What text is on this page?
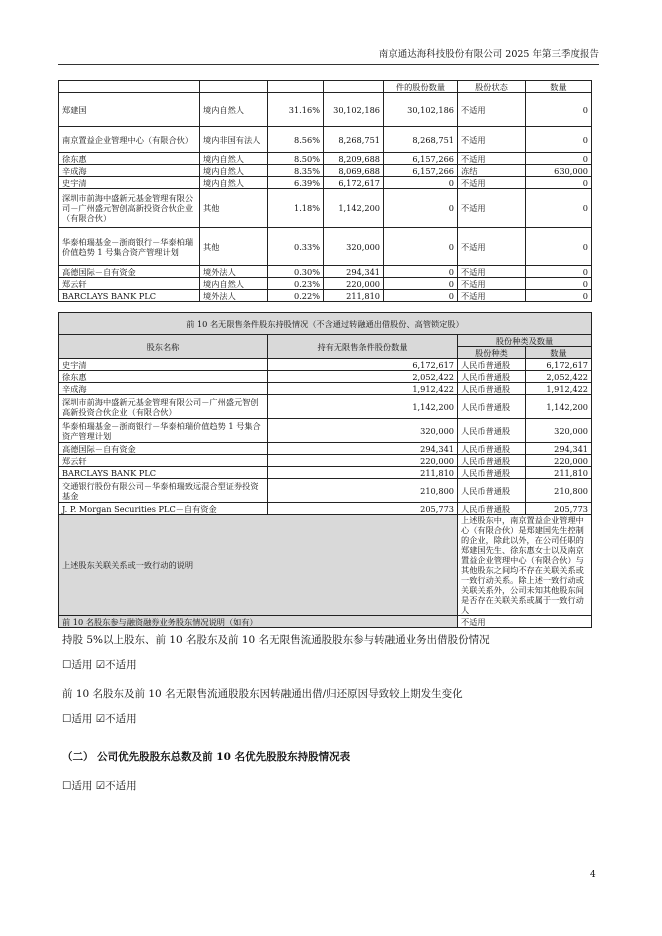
南京通达海科技股份有限公司 2025 年第三季度报告
				件的股份数量	股份状态	数量
郑建国	境内自然人	31.16%	30,102,186	30,102,186	不适用	0
南京置益企业管理中心（有限合伙）	境内非国有法人	8.56%	8,268,751	8,268,751	不适用	0
徐东惠	境内自然人	8.50%	8,209,688	6,157,266	不适用	0
辛成海	境内自然人	8.35%	8,069,688	6,157,266	冻结	630,000
史宇清	境内自然人	6.39%	6,172,617	0	不适用	0
深圳市前海中盛新元基金管理有限公司－广州盛元智创高新投资合伙企业（有限合伙）	其他	1.18%	1,142,200	0	不适用	0
华泰柏瑞基金－浙商银行－华泰柏瑞价值趋势 1 号集合资产管理计划	其他	0.33%	320,000	0	不适用	0
高德国际－自有资金	境外法人	0.30%	294,341	0	不适用	0
郑云轩	境内自然人	0.23%	220,000	0	不适用	0
BARCLAYS BANK PLC	境外法人	0.22%	211,810	0	不适用	0
前 10 名无限售条件股东持股情况（不含通过转融通出借股份、高管锁定股）			
股东名称	持有无限售条件股份数量	股份种类及数量	
		股份种类	数量
史宇清	6,172,617	人民币普通股	6,172,617
徐东惠	2,052,422	人民币普通股	2,052,422
辛成海	1,912,422	人民币普通股	1,912,422
深圳市前海中盛新元基金管理有限公司－广州盛元智创高新投资合伙企业（有限合伙）	1,142,200	人民币普通股	1,142,200
华泰柏瑞基金－浙商银行－华泰柏瑞价值趋势 1 号集合资产管理计划	320,000	人民币普通股	320,000
高德国际－自有资金	294,341	人民币普通股	294,341
郑云轩	220,000	人民币普通股	220,000
BARCLAYS BANK PLC	211,810	人民币普通股	211,810
交通银行股份有限公司－华泰柏瑞致远混合型证券投资基金	210,800	人民币普通股	210,800
J. P. Morgan Securities PLC－自有资金	205,773	人民币普通股	205,773
上述股东关联关系或一致行动的说明		上述股东中，南京置益企业管理中心（有限合伙）是郑建国先生控制的企业，除此以外，在公司任职的郑建国先生、徐东惠女士以及南京置益企业管理中心（有限合伙）与其他股东之间均不存在关联关系或一致行动关系。除上述一致行动或关联关系外，公司未知其他股东间是否存在关联关系或属于一致行动人	
前 10 名股东参与融资融券业务股东情况说明（如有）		不适用	
持股 5%以上股东、前 10 名股东及前 10 名无限售流通股股东参与转融通业务出借股份情况
☐适用 ☑不适用
前 10 名股东及前 10 名无限售流通股股东因转融通出借/归还原因导致较上期发生变化
☐适用 ☑不适用
（二） 公司优先股股东总数及前 10 名优先股股东持股情况表
☐适用 ☑不适用
4
